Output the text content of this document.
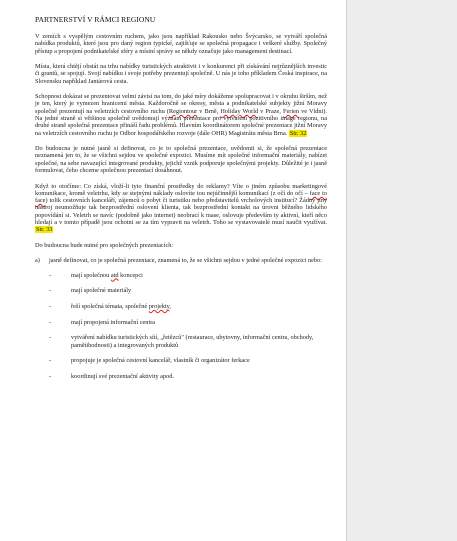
PARTNERSTVÍ V RÁMCI REGIONU

V zemích s vyspělým cestovním ruchem, jako jsou například Rakousko nebo Švýcarsko, se vytváří společná nabídka produktů, které jsou pro daný region typické, zajišťuje se společná propagace i veškeré služby. Společný přístup a propojení podnikatelské sféry a místní správy se někdy označuje jako management destinací.

Místa, která chtějí obstát na trhu nabídky turistických atraktivit i v konkurenci při získávání nejrůznějších investic či grantů, se spojují. Svojí nabídku i svoje potřeby prezentují společně. U nás je toho příkladem Česká inspirace, na Slovensku například Jantárová cesta.

Schopnost dokázat se prezentovat velmi závisí na tom, do jaké míry dokážeme spolupracovat i v okruhu širším, než je ten, který je vymezen hranicemi města. Každoročně se okresy, města a podnikatelské subjekty jižní Moravy společně prezentují na veletrzích cestovního ruchu (Regiontour v Brně, Holiday World v Praze, Ferien ve Vídni). Na jedné straně si většinou společně uvědomují význam prezentace pro vytváření pozitivního image regionu, na druhé straně společná prezentace přináší řadu problémů. Hlavním koordinátorem společné prezentace jižní Moravy na veletrzích cestovního ruchu je Odbor hospodářského rozvoje (dále OHR) Magistrátu města Brna. Str. 32

Do budoucna je nutné jasně si definovat, co je to společná prezentace, uvědomit si, že společná prezentace neznamená jen to, že se všichni sejdou ve společné expozici. Musíme mít společné informační materiály, nabízet společné, na sebe navazující integrované produkty, jejichž vznik podporuje společnými projekty. Důležité je i jasně formulovat, čeho chceme společnou prezentací dosáhnout.

Když to otočíme: Co získá, vloží-li tyto finanční prostředky do reklamy? Víte o jiném způsobu marketingové komunikace, kromě veletrhu, kdy se stejnými náklady oslovíte tou nejúčinnější komunikací (z očí do očí – face to face) tolik cestovních kanceláří, zájemců o pobyt či turistiku nebo představitelů vrcholových institucí? Žádný jiný nástroj neumožňuje tak bezprostřední oslovení klienta, tak bezprostřední kontakt na úrovni běžného lidského popovídání si. Veletrh se navíc (podobně jako internet) neobrací k mase, oslovuje především ty aktivní, kteří něco hledají a v tomto případě jsou ochotni se za tím vypravit na veletrh. Toho se vystavovatelé musí naučit využívat. Str. 33

Do budoucna bude nutné pro společných prezentacích:

a)	jasně definovat, co je společná prezentace, znamená to, že se všichni sejdou v jedné společné expozici nebo:
-	mají společnou atd koncepci
-	mají společné materiály
-	řeší společná témata, společné projekty,
-	mají propojená informační centra
-	vytváření nabídku turistických sítí, „řetězců" (restaurace, ubytovny, informační centra, obchody, pamětihodnosti) a integrovaných produktů
-	propojuje je společná cestovní kancelář, vlastník či organizátor ferkace
-	koordinují své prezentační aktivity apod.
